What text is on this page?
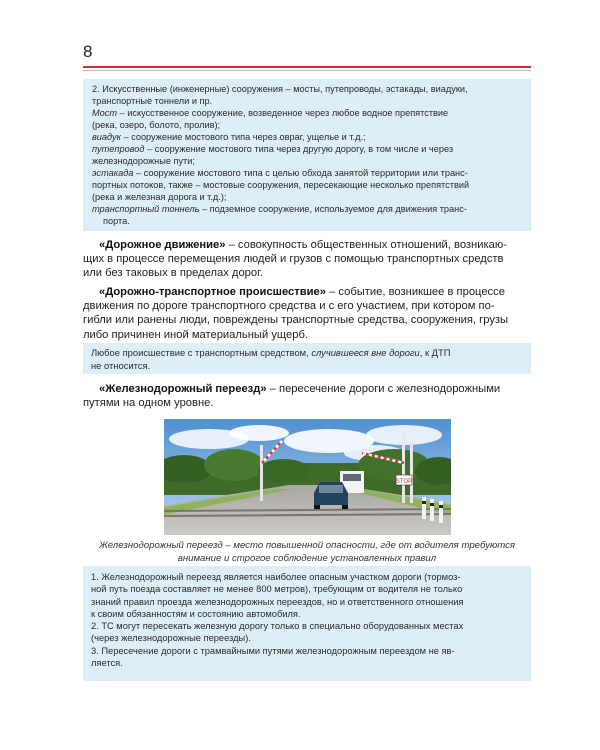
8

2. Искусственные (инженерные) сооружения – мосты, путепроводы, эстакады, виадуки,

транспортные тоннели и пр.

Мост – искусственное сооружение, возведенное через любое водное препятствие

(река, озеро, болото, пролив);

виадук – сооружение мостового типа через овраг, ущелье и т.д.;

путепровод – сооружение мостового типа через другую дорогу, в том числе и через

железнодорожные пути;

эстакада – сооружение мостового типа с целью обхода занятой территории или транс-

портных потоков, также – мостовые сооружения, пересекающие несколько препятствий

(река и железная дорога и т.д.);

транспортный тоннель – подземное сооружение, используемое для движения транс-

порта.

«Дорожное движение» – совокупность общественных отношений, возникаю-
щих в процессе перемещения людей и грузов с помощью транспортных средств
или без таковых в пределах дорог.
«Дорожно-транспортное происшествие» – событие, возникшее в процессе
движения по дороге транспортного средства и с его участием, при котором по-
гибли или ранены люди, повреждены транспортные средства, сооружения, грузы
либо причинен иной материальный ущерб.

Любое происшествие с транспортным средством, случившееся вне дороги, к ДТП

не относится.

«Железнодорожный переезд» – пересечение дороги с железнодорожными
путями на одном уровне.
STOP
Железнодорожный переезд – место повышенной опасности, где от водителя требуются
внимание и строгое соблюдение установленных правил

1. Железнодорожный переезд является наиболее опасным участком дороги (тормоз-

ной путь поезда составляет не менее 800 метров), требующим от водителя не только

знаний правил проезда железнодорожных переездов, но и ответственного отношения

к своим обязанностям и состоянию автомобиля.

2. ТС могут пересекать железную дорогу только в специально оборудованных местах

(через железнодорожные переезды).

3. Пересечение дороги с трамвайными путями железнодорожным переездом не яв-

ляется.
